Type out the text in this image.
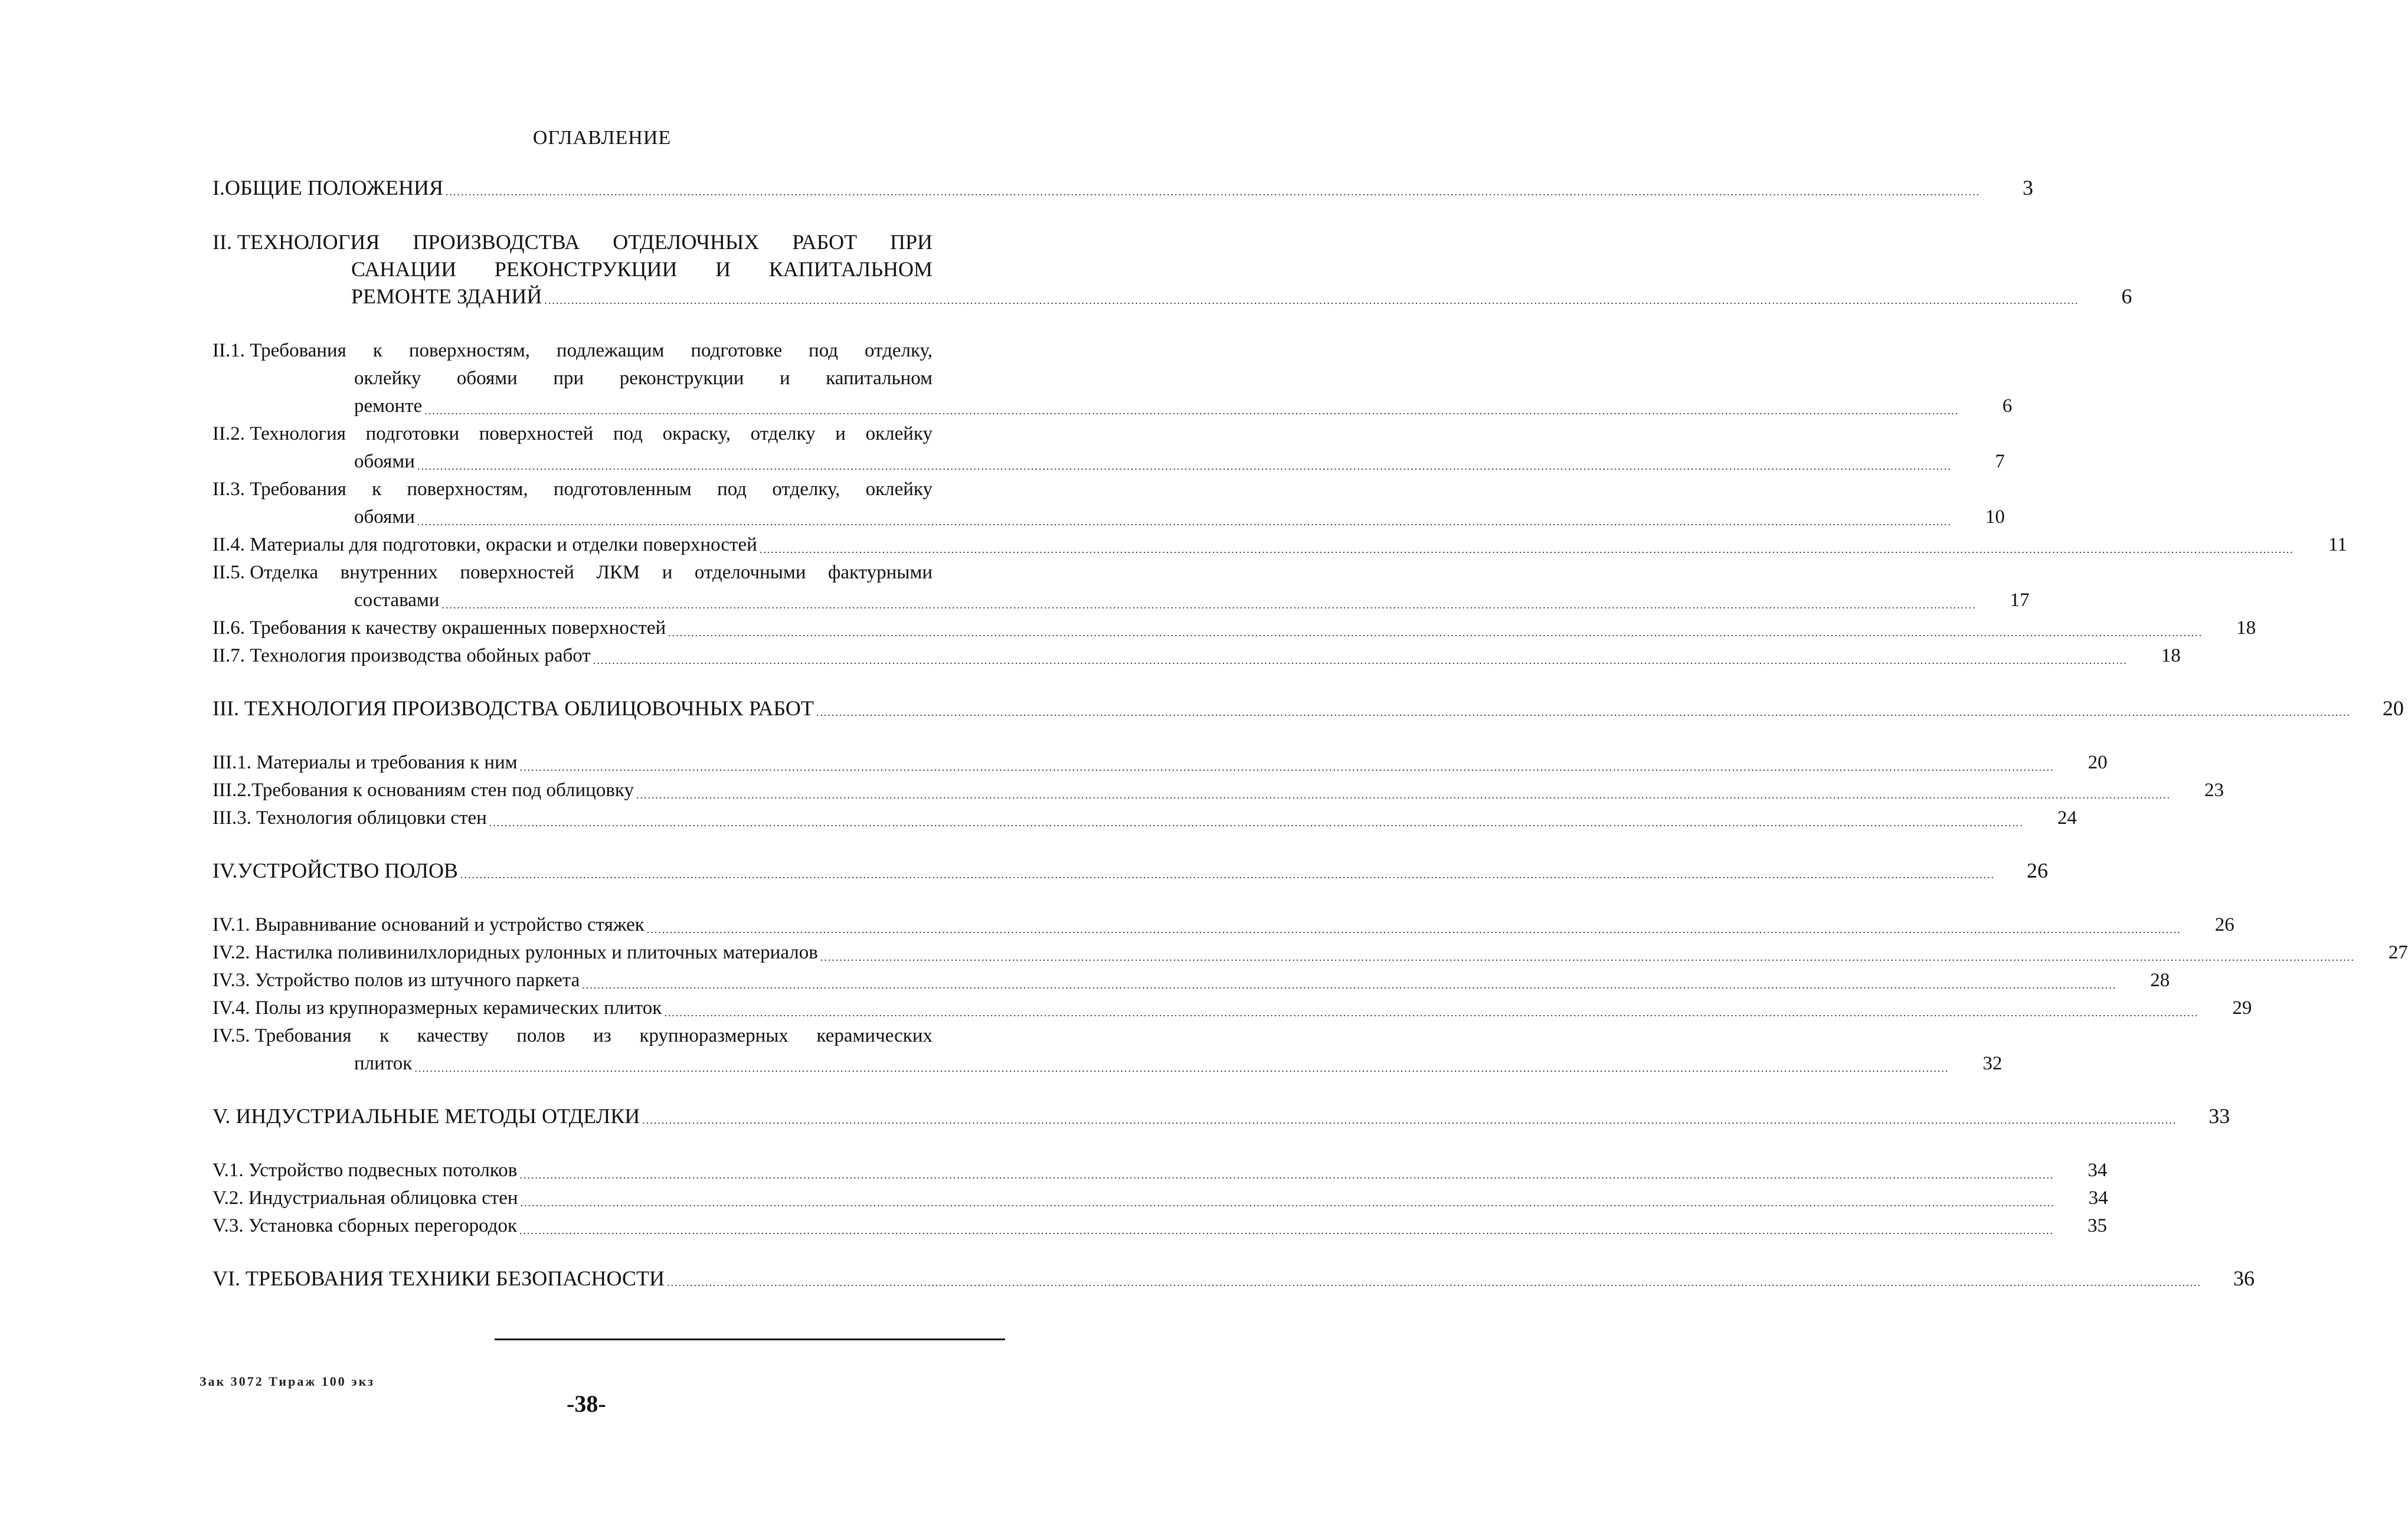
ОГЛАВЛЕНИЕ
I. ОБЩИЕ ПОЛОЖЕНИЯ ................................................................................................................................................................................................................................................................................................................................................................................................................	3
II. ТЕХНОЛОГИЯ ПРОИЗВОДСТВА ОТДЕЛОЧНЫХ РАБОТ ПРИ
САНАЦИИ РЕКОНСТРУКЦИИ И КАПИТАЛЬНОМ
РЕМОНТЕ ЗДАНИЙ ................................................................................................................................................................................................................................................................................................................................................................................................................	6
II.1. Требования к поверхностям, подлежащим подготовке под отделку,
оклейку обоями при реконструкции и капитальном
ремонте ................................................................................................................................................................................................................................................................................................................................................................................................................	6
II.2. Технология подготовки поверхностей под окраску, отделку и оклейку
обоями ................................................................................................................................................................................................................................................................................................................................................................................................................	7
II.3. Требования к поверхностям, подготовленным под отделку, оклейку
обоями ................................................................................................................................................................................................................................................................................................................................................................................................................	10
II.4. Материалы для подготовки, окраски и отделки поверхностей ................................................................................................................................................................................................................................................................................................................................................................................................................	11
II.5. Отделка внутренних поверхностей ЛКМ и отделочными фактурными
составами ................................................................................................................................................................................................................................................................................................................................................................................................................	17
II.6. Требования к качеству окрашенных поверхностей ................................................................................................................................................................................................................................................................................................................................................................................................................	18
II.7. Технология производства обойных работ ................................................................................................................................................................................................................................................................................................................................................................................................................	18
III. ТЕХНОЛОГИЯ ПРОИЗВОДСТВА ОБЛИЦОВОЧНЫХ РАБОТ ................................................................................................................................................................................................................................................................................................................................................................................................................	20
III.1. Материалы и требования к ним ................................................................................................................................................................................................................................................................................................................................................................................................................	20
III.2. Требования к основаниям стен под облицовку ................................................................................................................................................................................................................................................................................................................................................................................................................	23
III.3. Технология облицовки стен ................................................................................................................................................................................................................................................................................................................................................................................................................	24
IV. УСТРОЙСТВО ПОЛОВ ................................................................................................................................................................................................................................................................................................................................................................................................................	26
IV.1. Выравнивание оснований и устройство стяжек ................................................................................................................................................................................................................................................................................................................................................................................................................	26
IV.2. Настилка поливинилхлоридных рулонных и плиточных материалов ................................................................................................................................................................................................................................................................................................................................................................................................................	27
IV.3. Устройство полов из штучного паркета ................................................................................................................................................................................................................................................................................................................................................................................................................	28
IV.4. Полы из крупноразмерных керамических плиток ................................................................................................................................................................................................................................................................................................................................................................................................................	29
IV.5. Требования к качеству полов из крупноразмерных керамических
плиток ................................................................................................................................................................................................................................................................................................................................................................................................................	32
V. ИНДУСТРИАЛЬНЫЕ МЕТОДЫ ОТДЕЛКИ ................................................................................................................................................................................................................................................................................................................................................................................................................	33
V.1. Устройство подвесных потолков ................................................................................................................................................................................................................................................................................................................................................................................................................	34
V.2. Индустриальная облицовка стен ................................................................................................................................................................................................................................................................................................................................................................................................................	34
V.3. Установка сборных перегородок ................................................................................................................................................................................................................................................................................................................................................................................................................	35
VI. ТРЕБОВАНИЯ ТЕХНИКИ БЕЗОПАСНОСТИ ................................................................................................................................................................................................................................................................................................................................................................................................................	36
Зак 3072 Тираж 100 экз
-38-
